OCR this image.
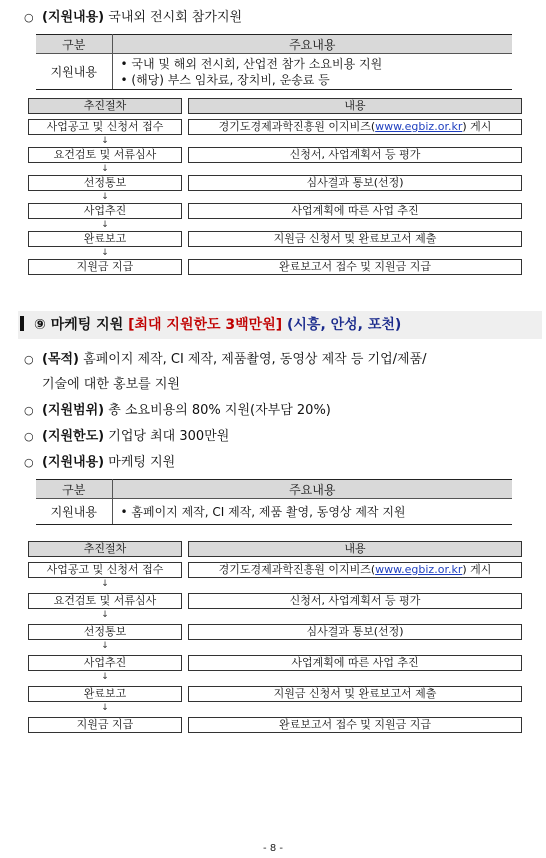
○ (지원내용) 국내외 전시회 참가지원
구분	주요내용
지원내용	• 국내 및 해외 전시회, 산업전 참가 소요비용 지원
• (해당) 부스 임차료, 장치비, 운송료 등
추진절차	내용
사업공고 및 신청서 접수	경기도경제과학진흥원 이지비즈(www.egbiz.or.kr) 게시
↓
요건검토 및 서류심사	신청서, 사업계획서 등 평가
↓
선정통보	심사결과 통보(선정)
↓
사업추진	사업계획에 따른 사업 추진
↓
완료보고	지원금 신청서 및 완료보고서 제출
↓
지원금 지급	완료보고서 접수 및 지원금 지급
⑨ 마케팅 지원 [최대 지원한도 3백만원] (시흥, 안성, 포천)
○ (목적) 홈페이지 제작, CI 제작, 제품촬영, 동영상 제작 등 기업/제품/
기술에 대한 홍보를 지원
○ (지원범위) 총 소요비용의 80% 지원(자부담 20%)
○ (지원한도) 기업당 최대 300만원
○ (지원내용) 마케팅 지원
구분	주요내용
지원내용	• 홈페이지 제작, CI 제작, 제품 촬영, 동영상 제작 지원
추진절차	내용
사업공고 및 신청서 접수	경기도경제과학진흥원 이지비즈(www.egbiz.or.kr) 게시
↓
요건검토 및 서류심사	신청서, 사업계획서 등 평가
↓
선정통보	심사결과 통보(선정)
↓
사업추진	사업계획에 따른 사업 추진
↓
완료보고	지원금 신청서 및 완료보고서 제출
↓
지원금 지급	완료보고서 접수 및 지원금 지급
- 8 -
